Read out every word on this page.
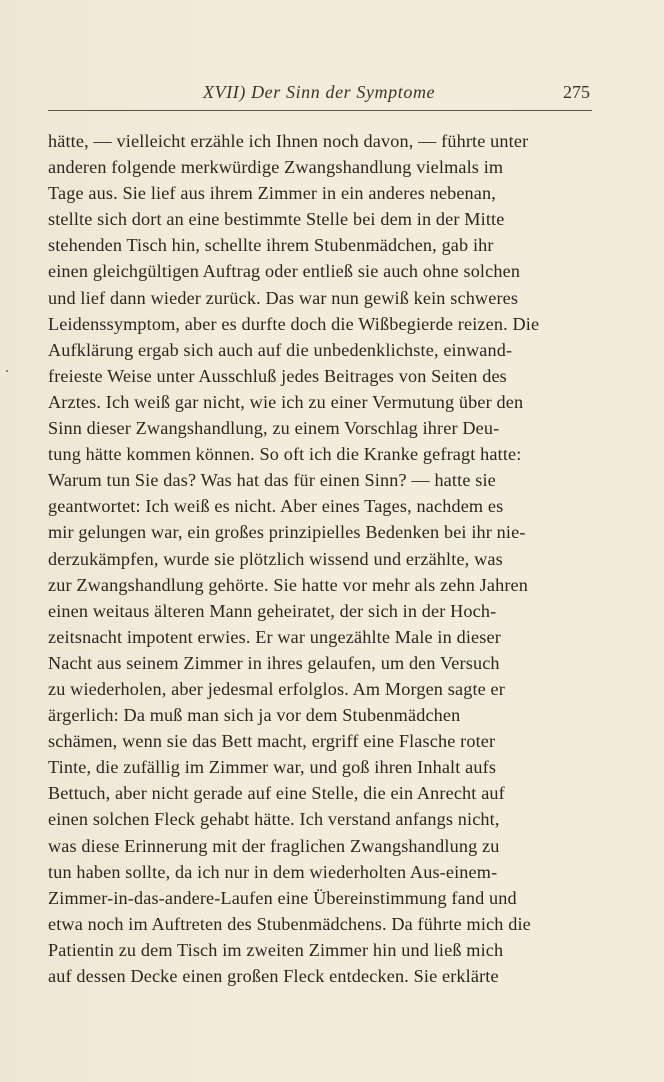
XVII) Der Sinn der Symptome	275
hätte, — vielleicht erzähle ich Ihnen noch davon, — führte unter
anderen folgende merkwürdige Zwangshandlung vielmals im
Tage aus. Sie lief aus ihrem Zimmer in ein anderes nebenan,
stellte sich dort an eine bestimmte Stelle bei dem in der Mitte
stehenden Tisch hin, schellte ihrem Stubenmädchen, gab ihr
einen gleichgültigen Auftrag oder entließ sie auch ohne solchen
und lief dann wieder zurück. Das war nun gewiß kein schweres
Leidenssymptom, aber es durfte doch die Wißbegierde reizen. Die
Aufklärung ergab sich auch auf die unbedenklichste, einwand-
freieste Weise unter Ausschluß jedes Beitrages von Seiten des
Arztes. Ich weiß gar nicht, wie ich zu einer Vermutung über den
Sinn dieser Zwangshandlung, zu einem Vorschlag ihrer Deu-
tung hätte kommen können. So oft ich die Kranke gefragt hatte:
Warum tun Sie das? Was hat das für einen Sinn? — hatte sie
geantwortet: Ich weiß es nicht. Aber eines Tages, nachdem es
mir gelungen war, ein großes prinzipielles Bedenken bei ihr nie-
derzukämpfen, wurde sie plötzlich wissend und erzählte, was
zur Zwangshandlung gehörte. Sie hatte vor mehr als zehn Jahren
einen weitaus älteren Mann geheiratet, der sich in der Hoch-
zeitsnacht impotent erwies. Er war ungezählte Male in dieser
Nacht aus seinem Zimmer in ihres gelaufen, um den Versuch
zu wiederholen, aber jedesmal erfolglos. Am Morgen sagte er
ärgerlich: Da muß man sich ja vor dem Stubenmädchen
schämen, wenn sie das Bett macht, ergriff eine Flasche roter
Tinte, die zufällig im Zimmer war, und goß ihren Inhalt aufs
Bettuch, aber nicht gerade auf eine Stelle, die ein Anrecht auf
einen solchen Fleck gehabt hätte. Ich verstand anfangs nicht,
was diese Erinnerung mit der fraglichen Zwangshandlung zu
tun haben sollte, da ich nur in dem wiederholten Aus-einem-
Zimmer-in-das-andere-Laufen eine Übereinstimmung fand und
etwa noch im Auftreten des Stubenmädchens. Da führte mich die
Patientin zu dem Tisch im zweiten Zimmer hin und ließ mich
auf dessen Decke einen großen Fleck entdecken. Sie erklärte
